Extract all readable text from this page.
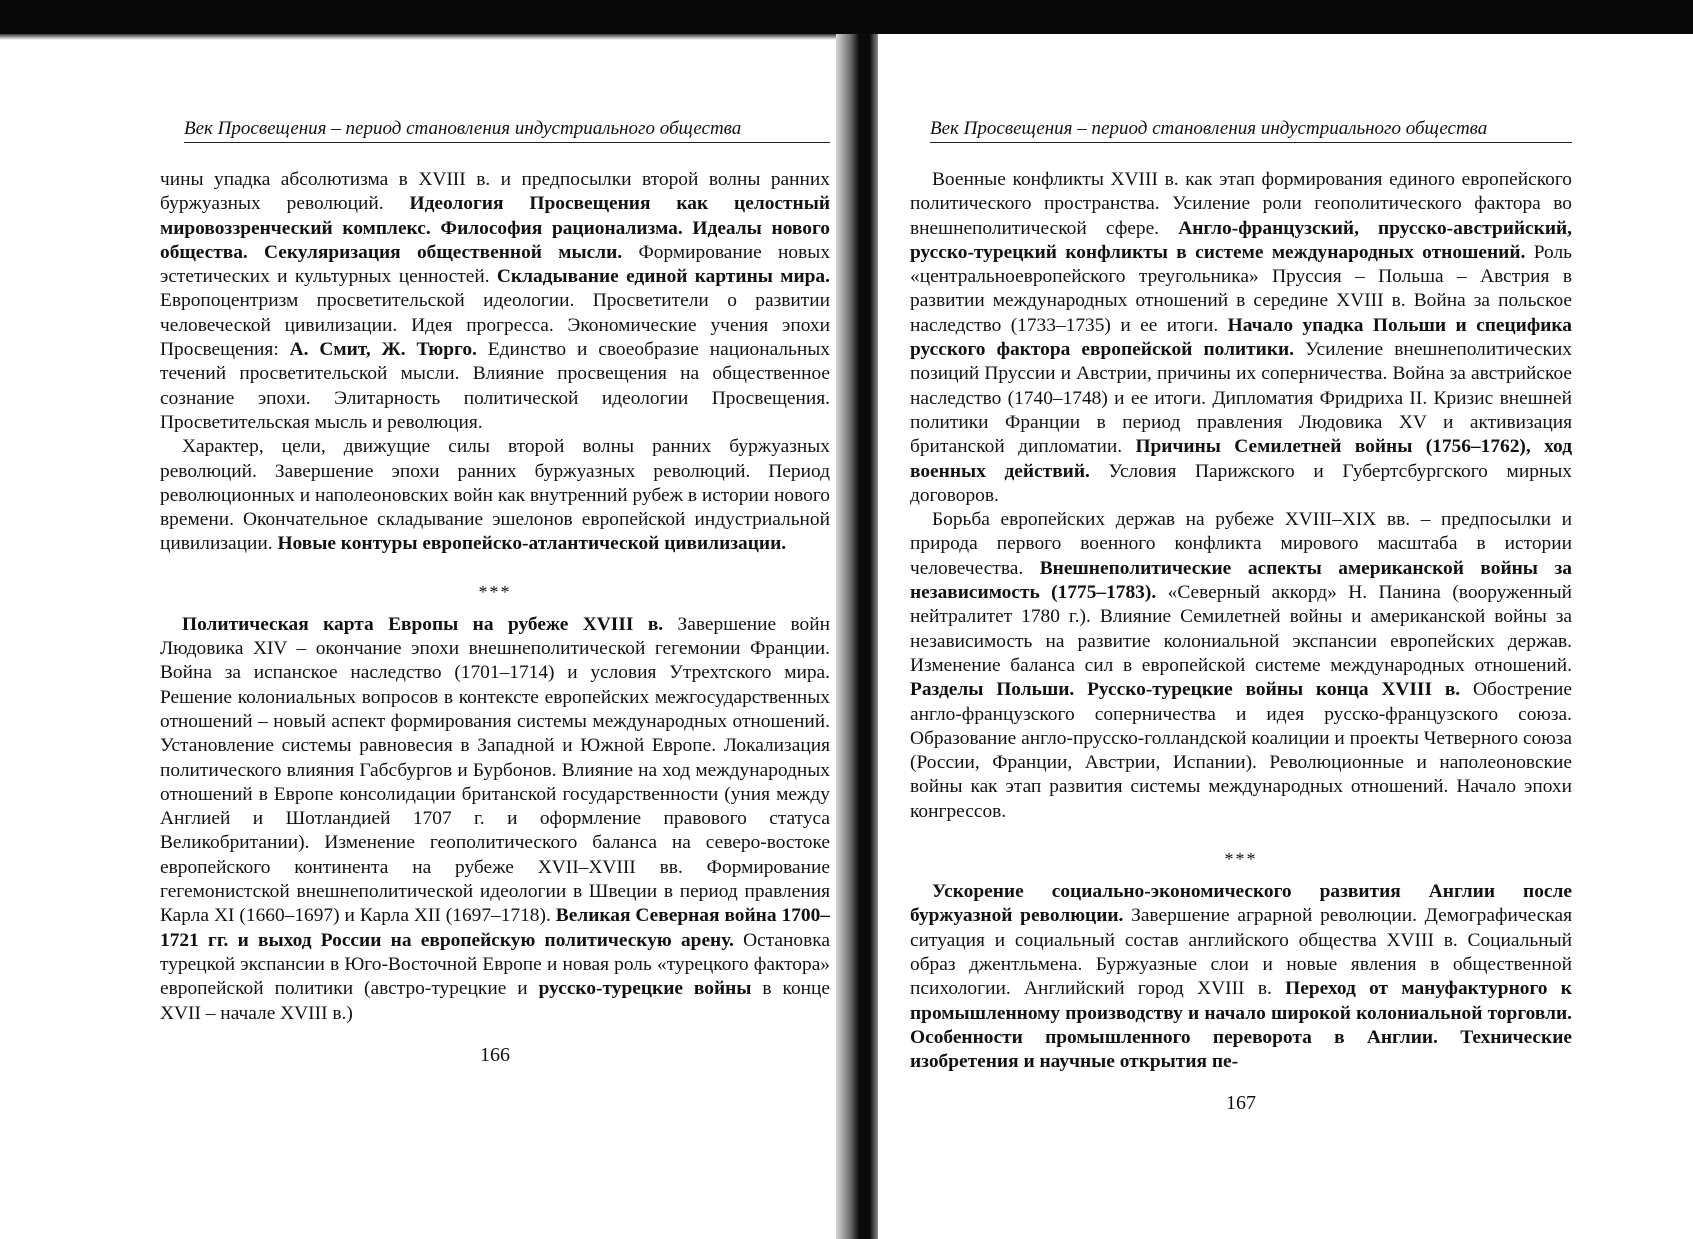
Век Просвещения – период становления индустриального общества

чины упадка абсолютизма в XVIII в. и предпосылки второй волны ранних буржуазных революций. Идеология Просвещения как целостный мировоззренческий комплекс. Философия рационализма. Идеалы нового общества. Секуляризация общественной мысли. Формирование новых эстетических и культурных ценностей. Складывание единой картины мира. Европоцентризм просветительской идеологии. Просветители о развитии человеческой цивилизации. Идея прогресса. Экономические учения эпохи Просвещения: А. Смит, Ж. Тюрго. Единство и своеобразие национальных течений просветительской мысли. Влияние просвещения на общественное сознание эпохи. Элитарность политической идеологии Просвещения. Просветительская мысль и революция.

Характер, цели, движущие силы второй волны ранних буржуазных революций. Завершение эпохи ранних буржуазных революций. Период революционных и наполеоновских войн как внутренний рубеж в истории нового времени. Окончательное складывание эшелонов европейской индустриальной цивилизации. Новые контуры европейско-атлантической цивилизации.

***

Политическая карта Европы на рубеже XVIII в. Завершение войн Людовика XIV – окончание эпохи внешнеполитической гегемонии Франции. Война за испанское наследство (1701–1714) и условия Утрехтского мира. Решение колониальных вопросов в контексте европейских межгосударственных отношений – новый аспект формирования системы международных отношений. Установление системы равновесия в Западной и Южной Европе. Локализация политического влияния Габсбургов и Бурбонов. Влияние на ход международных отношений в Европе консолидации британской государственности (уния между Англией и Шотландией 1707 г. и оформление правового статуса Великобритании). Изменение геополитического баланса на северо-востоке европейского континента на рубеже XVII–XVIII вв. Формирование гегемонистской внешнеполитической идеологии в Швеции в период правления Карла XI (1660–1697) и Карла XII (1697–1718). Великая Северная война 1700–1721 гг. и выход России на европейскую политическую арену. Остановка турецкой экспансии в Юго-Восточной Европе и новая роль «турецкого фактора» европейской политики (австро-турецкие и русско-турецкие войны в конце XVII – начале XVIII в.)

166
Век Просвещения – период становления индустриального общества

Военные конфликты XVIII в. как этап формирования единого европейского политического пространства. Усиление роли геополитического фактора во внешнеполитической сфере. Англо-французский, прусско-австрийский, русско-турецкий конфликты в системе международных отношений. Роль «центральноевропейского треугольника» Пруссия – Польша – Австрия в развитии международных отношений в середине XVIII в. Война за польское наследство (1733–1735) и ее итоги. Начало упадка Польши и специфика русского фактора европейской политики. Усиление внешнеполитических позиций Пруссии и Австрии, причины их соперничества. Война за австрийское наследство (1740–1748) и ее итоги. Дипломатия Фридриха II. Кризис внешней политики Франции в период правления Людовика XV и активизация британской дипломатии. Причины Семилетней войны (1756–1762), ход военных действий. Условия Парижского и Губертсбургского мирных договоров.

Борьба европейских держав на рубеже XVIII–XIX вв. – предпосылки и природа первого военного конфликта мирового масштаба в истории человечества. Внешнеполитические аспекты американской войны за независимость (1775–1783). «Северный аккорд» Н. Панина (вооруженный нейтралитет 1780 г.). Влияние Семилетней войны и американской войны за независимость на развитие колониальной экспансии европейских держав. Изменение баланса сил в европейской системе международных отношений. Разделы Польши. Русско-турецкие войны конца XVIII в. Обострение англо-французского соперничества и идея русско-французского союза. Образование англо-прусско-голландской коалиции и проекты Четверного союза (России, Франции, Австрии, Испании). Революционные и наполеоновские войны как этап развития системы международных отношений. Начало эпохи конгрессов.

***

Ускорение социально-экономического развития Англии после буржуазной революции. Завершение аграрной революции. Демографическая ситуация и социальный состав английского общества XVIII в. Социальный образ джентльмена. Буржуазные слои и новые явления в общественной психологии. Английский город XVIII в. Переход от мануфактурного к промышленному производству и начало широкой колониальной торговли. Особенности промышленного переворота в Англии. Технические изобретения и научные открытия пе-

167
